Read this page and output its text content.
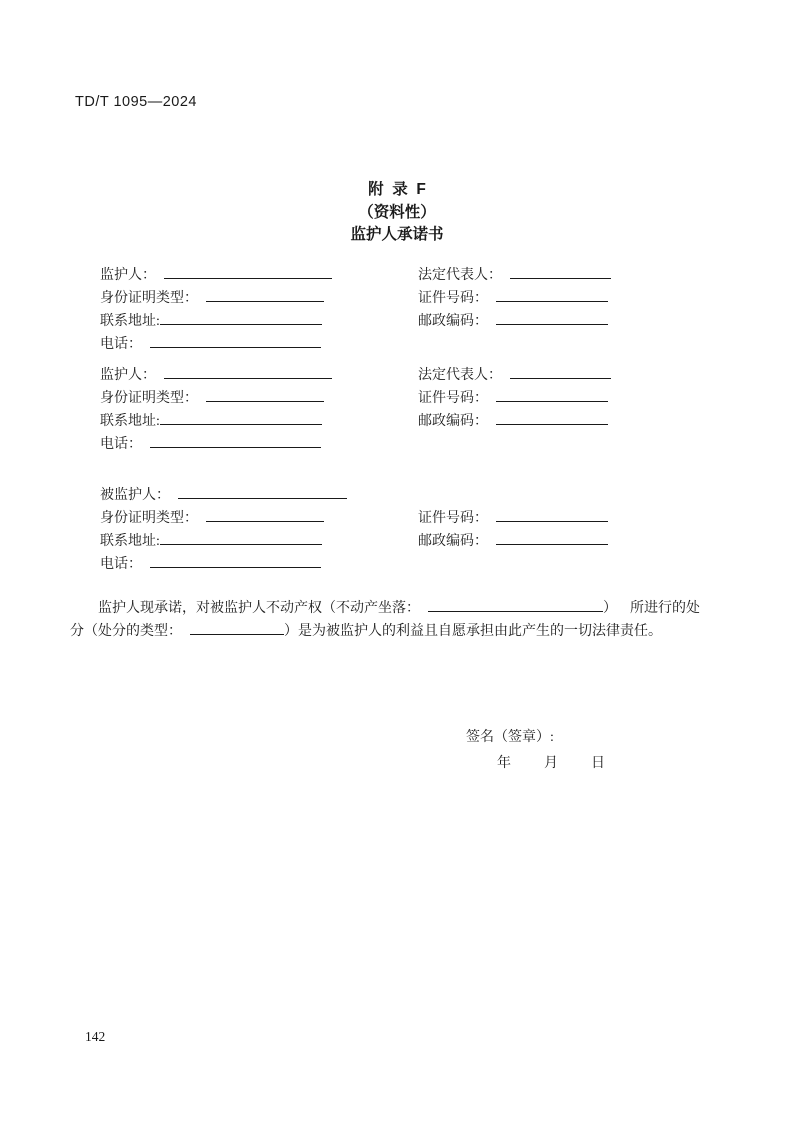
TD/T 1095—2024
附  录  F
（资料性）
监护人承诺书
监护人：	法定代表人：
身份证明类型：	证件号码：
联系地址:	邮政编码：
电话：
监护人：	法定代表人：
身份证明类型：	证件号码：
联系地址:	邮政编码：
电话：
被监护人：
身份证明类型：	证件号码：
联系地址:	邮政编码：
电话：
监护人现承诺，对被监护人不动产权（不动产坐落：	） 所进行的处
分（处分的类型：	）是为被监护人的利益且自愿承担由此产生的一切法律责任。
签名（签章）:
年 月 日
142
